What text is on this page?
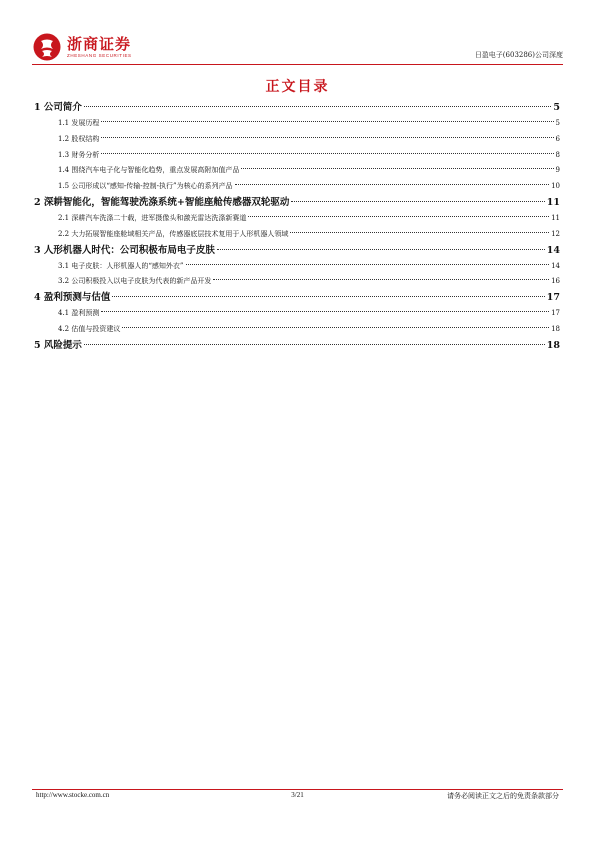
浙商证券
ZHESHANG SECURITIES	日盈电子(603286)公司深度
正文目录
1 公司简介	5
1.1 发展历程	5
1.2 股权结构	6
1.3 财务分析	8
1.4 围绕汽车电子化与智能化趋势，重点发展高附加值产品	9
1.5 公司形成以“感知-传输-控制-执行”为核心的系列产品	10
2 深耕智能化，智能驾驶洗涤系统+智能座舱传感器双轮驱动	11
2.1 深耕汽车洗涤二十载，进军摄像头和激光雷达洗涤新赛道	11
2.2 大力拓展智能座舱域相关产品，传感器底层技术复用于人形机器人领域	12
3 人形机器人时代：公司积极布局电子皮肤	14
3.1 电子皮肤：人形机器人的“感知外衣”	14
3.2 公司积极投入以电子皮肤为代表的新产品开发	16
4 盈利预测与估值	17
4.1 盈利预测	17
4.2 估值与投资建议	18
5 风险提示	18
http://www.stocke.com.cn	3/21	请务必阅读正文之后的免责条款部分
